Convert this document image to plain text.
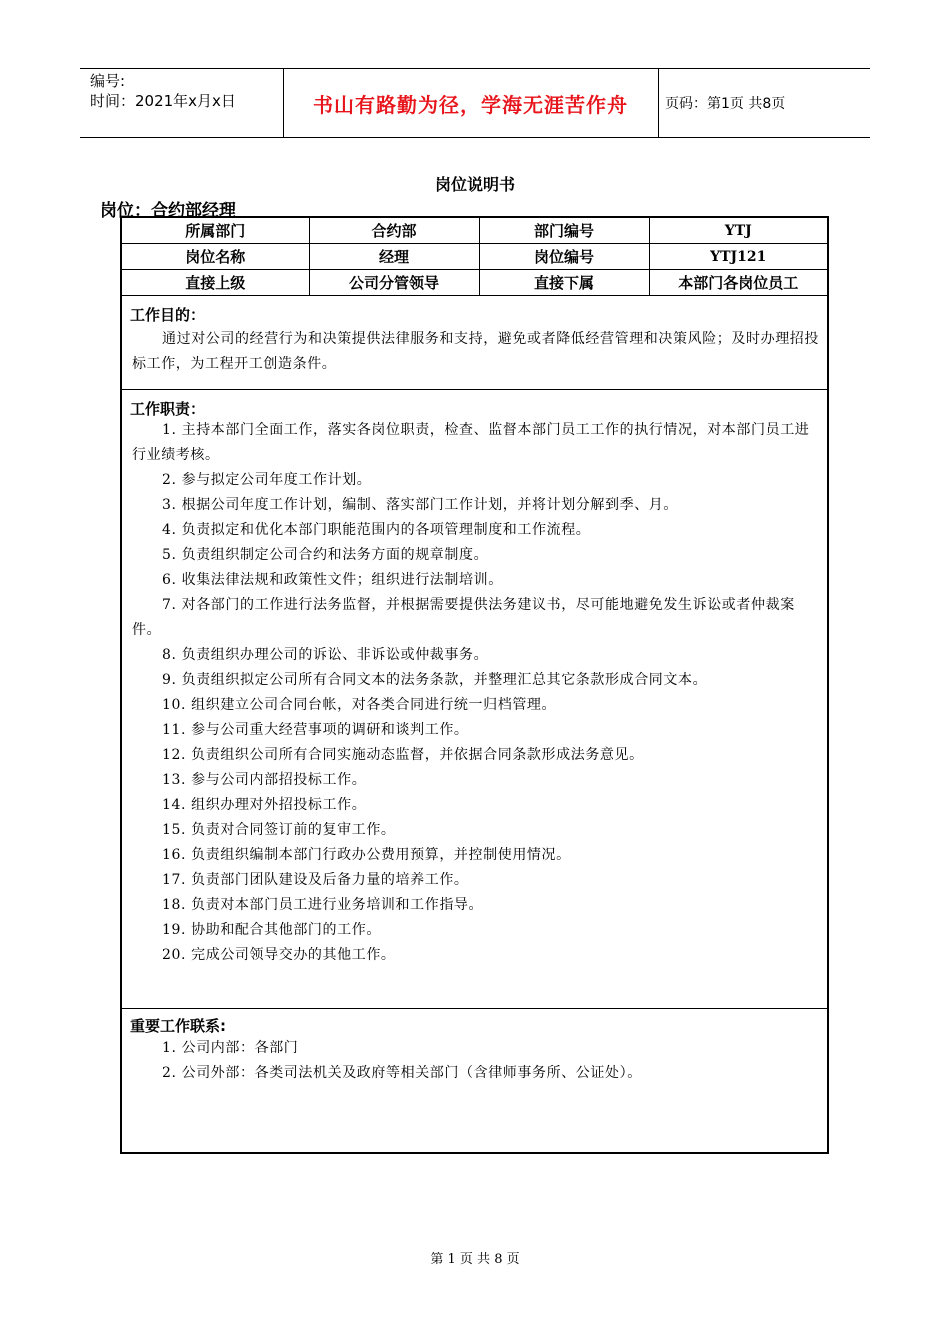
编号:
时间：2021年x月x日	书山有路勤为径，学海无涯苦作舟	页码：第1页 共8页
岗位说明书
岗位：合约部经理
所属部门	合约部	部门编号	YTJ
岗位名称	经理	岗位编号	YTJ121
直接上级	公司分管领导	直接下属	本部门各岗位员工
工作目的：
通过对公司的经营行为和决策提供法律服务和支持，避免或者降低经营管理和决策风险；及时办理招投标工作，为工程开工创造条件。
工作职责：
1. 主持本部门全面工作，落实各岗位职责，检查、监督本部门员工工作的执行情况，对本部门员工进行业绩考核。
2. 参与拟定公司年度工作计划。
3. 根据公司年度工作计划，编制、落实部门工作计划，并将计划分解到季、月。
4. 负责拟定和优化本部门职能范围内的各项管理制度和工作流程。
5. 负责组织制定公司合约和法务方面的规章制度。
6. 收集法律法规和政策性文件；组织进行法制培训。
7. 对各部门的工作进行法务监督，并根据需要提供法务建议书，尽可能地避免发生诉讼或者仲裁案件。
8. 负责组织办理公司的诉讼、非诉讼或仲裁事务。
9. 负责组织拟定公司所有合同文本的法务条款，并整理汇总其它条款形成合同文本。
10. 组织建立公司合同台帐，对各类合同进行统一归档管理。
11. 参与公司重大经营事项的调研和谈判工作。
12. 负责组织公司所有合同实施动态监督，并依据合同条款形成法务意见。
13. 参与公司内部招投标工作。
14. 组织办理对外招投标工作。
15. 负责对合同签订前的复审工作。
16. 负责组织编制本部门行政办公费用预算，并控制使用情况。
17. 负责部门团队建设及后备力量的培养工作。
18. 负责对本部门员工进行业务培训和工作指导。
19. 协助和配合其他部门的工作。
20. 完成公司领导交办的其他工作。
重要工作联系:
1. 公司内部：各部门
2. 公司外部：各类司法机关及政府等相关部门（含律师事务所、公证处）。
第 1 页 共 8 页
